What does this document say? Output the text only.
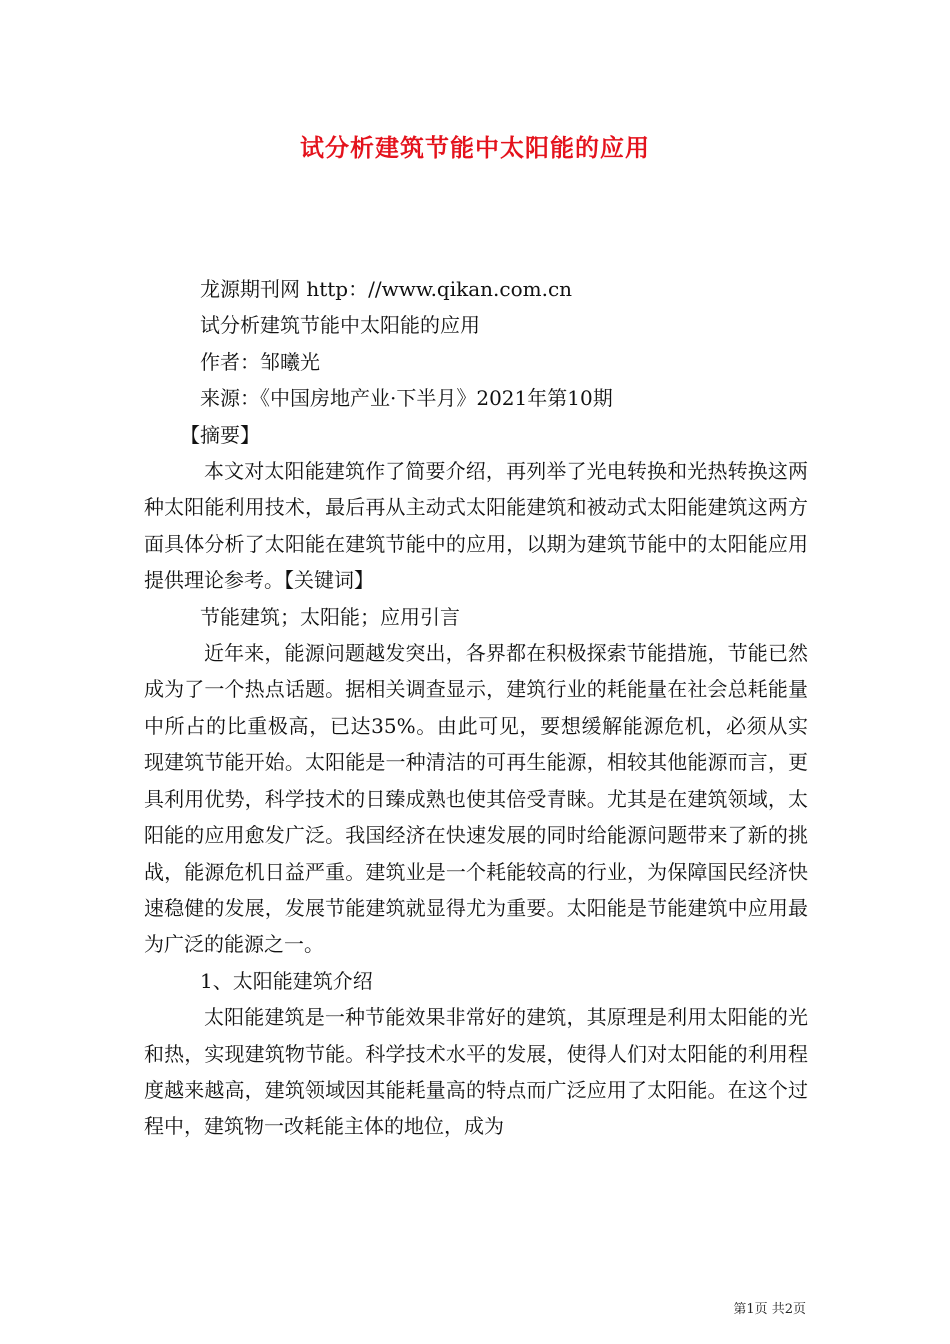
试分析建筑节能中太阳能的应用

龙源期刊网 http：//www.qikan.com.cn

试分析建筑节能中太阳能的应用

作者：邹曦光

来源：《中国房地产业·下半月》2021年第10期

【摘要】

本文对太阳能建筑作了简要介绍，再列举了光电转换和光热转换这两种太阳能利用技术，最后再从主动式太阳能建筑和被动式太阳能建筑这两方面具体分析了太阳能在建筑节能中的应用，以期为建筑节能中的太阳能应用提供理论参考。【关键词】

节能建筑；太阳能；应用引言

近年来，能源问题越发突出，各界都在积极探索节能措施，节能已然成为了一个热点话题。据相关调查显示，建筑行业的耗能量在社会总耗能量中所占的比重极高，已达35%。由此可见，要想缓解能源危机，必须从实现建筑节能开始。太阳能是一种清洁的可再生能源，相较其他能源而言，更具利用优势，科学技术的日臻成熟也使其倍受青睐。尤其是在建筑领域，太阳能的应用愈发广泛。我国经济在快速发展的同时给能源问题带来了新的挑战，能源危机日益严重。建筑业是一个耗能较高的行业，为保障国民经济快速稳健的发展，发展节能建筑就显得尤为重要。太阳能是节能建筑中应用最为广泛的能源之一。

1、太阳能建筑介绍

太阳能建筑是一种节能效果非常好的建筑，其原理是利用太阳能的光和热，实现建筑物节能。科学技术水平的发展，使得人们对太阳能的利用程度越来越高，建筑领域因其能耗量高的特点而广泛应用了太阳能。在这个过程中，建筑物一改耗能主体的地位，成为

第1页 共2页
